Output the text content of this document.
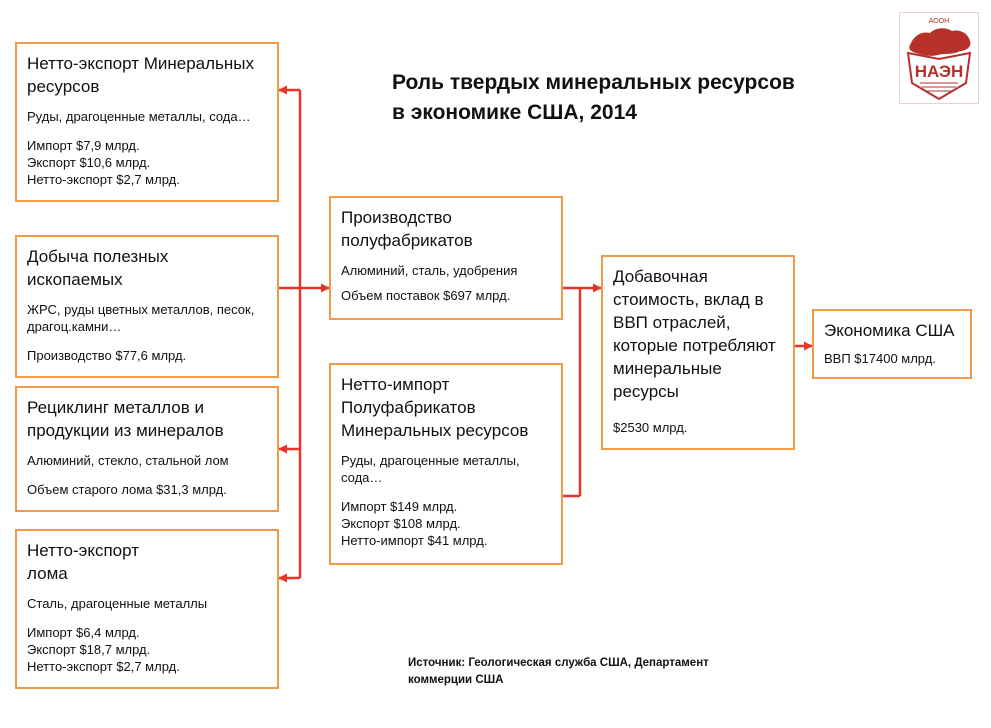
Роль твердых минеральных ресурсов в экономике США, 2014
АООН
НАЭН
Нетто-экспорт Минеральных ресурсов
Руды, драгоценные металлы, сода…
Импорт $7,9 млрд.
Экспорт $10,6 млрд.
Нетто-экспорт $2,7 млрд.
Добыча полезных ископаемых
ЖРС, руды цветных металлов, песок, драгоц.камни…
Производство $77,6 млрд.
Рециклинг металлов и продукции из минералов
Алюминий, стекло, стальной лом
Объем старого лома $31,3 млрд.
Нетто-экспорт лома
Сталь, драгоценные металлы
Импорт $6,4 млрд.
Экспорт $18,7 млрд.
Нетто-экспорт $2,7 млрд.
Производство полуфабрикатов
Алюминий, сталь, удобрения
Объем поставок $697 млрд.
Нетто-импорт Полуфабрикатов Минеральных ресурсов
Руды, драгоценные металлы, сода…
Импорт $149 млрд.
Экспорт $108 млрд.
Нетто-импорт $41 млрд.
Добавочная стоимость, вклад в ВВП отраслей, которые потребляют минеральные ресурсы
$2530 млрд.
Экономика США
ВВП $17400 млрд.
Источник: Геологическая служба США, Департамент коммерции США
